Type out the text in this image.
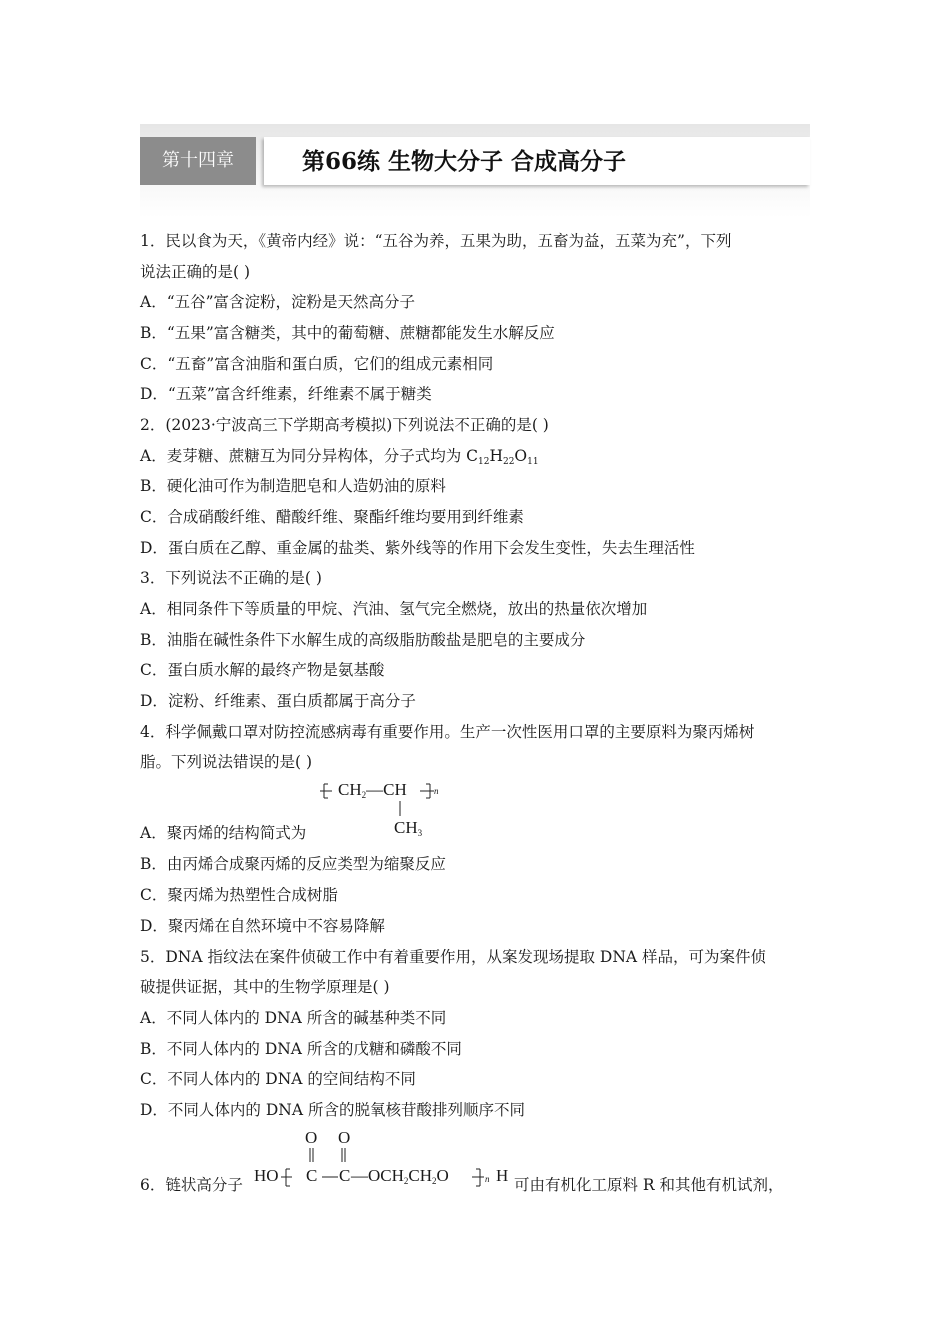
第十四章	第66练 生物大分子 合成高分子
1．民以食为天，《黄帝内经》说：“五谷为养，五果为助，五畜为益，五菜为充”，下列
说法正确的是( )
A．“五谷”富含淀粉，淀粉是天然高分子
B．“五果”富含糖类，其中的葡萄糖、蔗糖都能发生水解反应
C．“五畜”富含油脂和蛋白质，它们的组成元素相同
D．“五菜”富含纤维素，纤维素不属于糖类
2．(2023·宁波高三下学期高考模拟)下列说法不正确的是( )
A．麦芽糖、蔗糖互为同分异构体，分子式均为 $C_{12}H_{22}O_{11}$
B．硬化油可作为制造肥皂和人造奶油的原料
C．合成硝酸纤维、醋酸纤维、聚酯纤维均要用到纤维素
D．蛋白质在乙醇、重金属的盐类、紫外线等的作用下会发生变性，失去生理活性
3．下列说法不正确的是( )
A．相同条件下等质量的甲烷、汽油、氢气完全燃烧，放出的热量依次增加
B．油脂在碱性条件下水解生成的高级脂肪酸盐是肥皂的主要成分
C．蛋白质水解的最终产物是氨基酸
D．淀粉、纤维素、蛋白质都属于高分子
4．科学佩戴口罩对防控流感病毒有重要作用。生产一次性医用口罩的主要原料为聚丙烯树
脂。下列说法错误的是( )
CH2—CH	n
CH3
A．聚丙烯的结构简式为
B．由丙烯合成聚丙烯的反应类型为缩聚反应
C．聚丙烯为热塑性合成树脂
D．聚丙烯在自然环境中不容易降解
5．DNA 指纹法在案件侦破工作中有着重要作用，从案发现场提取 DNA 样品，可为案件侦
破提供证据，其中的生物学原理是( )
A．不同人体内的 DNA 所含的碱基种类不同
B．不同人体内的 DNA 所含的戊糖和磷酸不同
C．不同人体内的 DNA 的空间结构不同
D．不同人体内的 DNA 所含的脱氧核苷酸排列顺序不同
6．链状高分子 HO C C
O O
—OCH2CH2O	n H 可由有机化工原料 R 和其他有机试剂，
